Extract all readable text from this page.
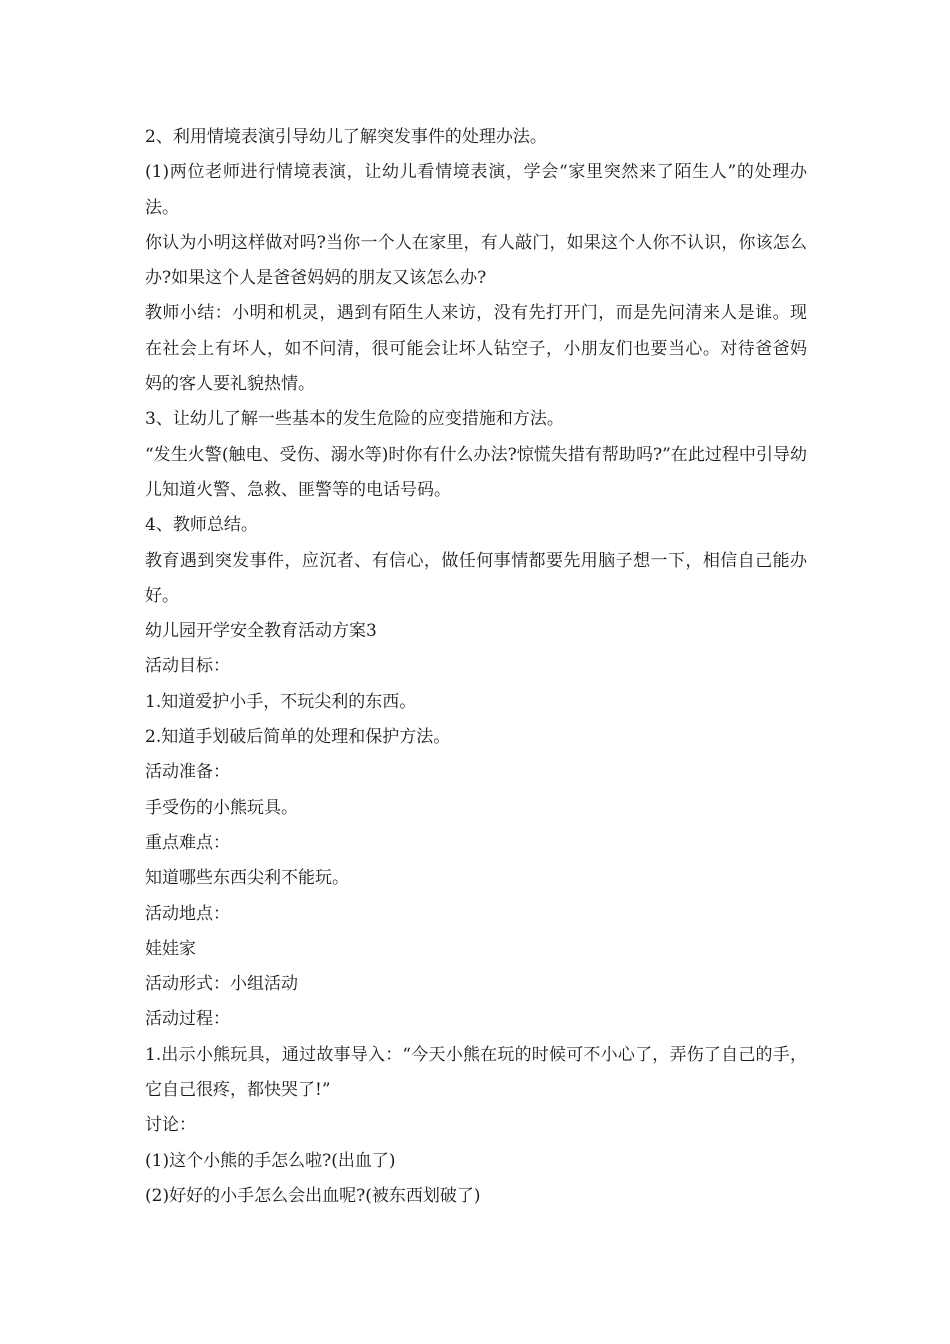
2、利用情境表演引导幼儿了解突发事件的处理办法。

(1)两位老师进行情境表演，让幼儿看情境表演，学会“家里突然来了陌生人”的处理办法。

你认为小明这样做对吗?当你一个人在家里，有人敲门，如果这个人你不认识，你该怎么办?如果这个人是爸爸妈妈的朋友又该怎么办?

教师小结：小明和机灵，遇到有陌生人来访，没有先打开门，而是先问清来人是谁。现在社会上有坏人，如不问清，很可能会让坏人钻空子，小朋友们也要当心。对待爸爸妈妈的客人要礼貌热情。

3、让幼儿了解一些基本的发生危险的应变措施和方法。

“发生火警(触电、受伤、溺水等)时你有什么办法?惊慌失措有帮助吗?”在此过程中引导幼儿知道火警、急救、匪警等的电话号码。

4、教师总结。

教育遇到突发事件，应沉者、有信心，做任何事情都要先用脑子想一下，相信自己能办好。

幼儿园开学安全教育活动方案3

活动目标：

1.知道爱护小手，不玩尖利的东西。

2.知道手划破后简单的处理和保护方法。

活动准备：

手受伤的小熊玩具。

重点难点：

知道哪些东西尖利不能玩。

活动地点：

娃娃家

活动形式：小组活动

活动过程：

1.出示小熊玩具，通过故事导入：“今天小熊在玩的时候可不小心了，弄伤了自己的手，它自己很疼，都快哭了!”

讨论：

(1)这个小熊的手怎么啦?(出血了)

(2)好好的小手怎么会出血呢?(被东西划破了)
